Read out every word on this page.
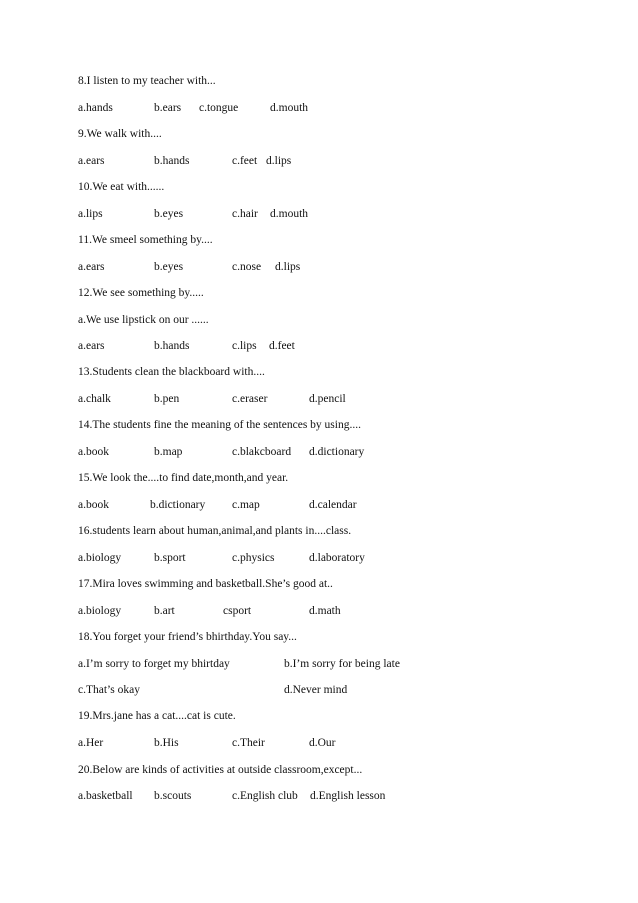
8.I listen to my teacher with...
a.hands	b.ears c.tongue	d.mouth
9.We walk with....
a.ears	b.hands	c.feet d.lips
10.We eat with......
a.lips	b.eyes	c.hair d.mouth
11.We smeel something by....
a.ears	b.eyes	c.nose d.lips
12.We see something by.....
a.We use lipstick on our ......
a.ears	b.hands	c.lips d.feet
13.Students clean the blackboard with....
a.chalk	b.pen	c.eraser	d.pencil
14.The students fine the meaning of the sentences by using....
a.book	b.map	c.blakcboard d.dictionary
15.We look the....to find date,month,and year.
a.book	b.dictionary c.map	d.calendar
16.students learn about human,animal,and plants in....class.
a.biology	b.sport	c.physics	d.laboratory
17.Mira loves swimming and basketball.She’s good at..
a.biology	b.art	csport	d.math
18.You forget your friend’s bhirthday.You say...
a.I’m sorry to forget my bhirtday	b.I’m sorry for being late
c.That’s okay	d.Never mind
19.Mrs.jane has a cat....cat is cute.
a.Her	b.His	c.Their	d.Our
20.Below are kinds of activities at outside classroom,except...
a.basketball b.scouts	c.English club d.English lesson
